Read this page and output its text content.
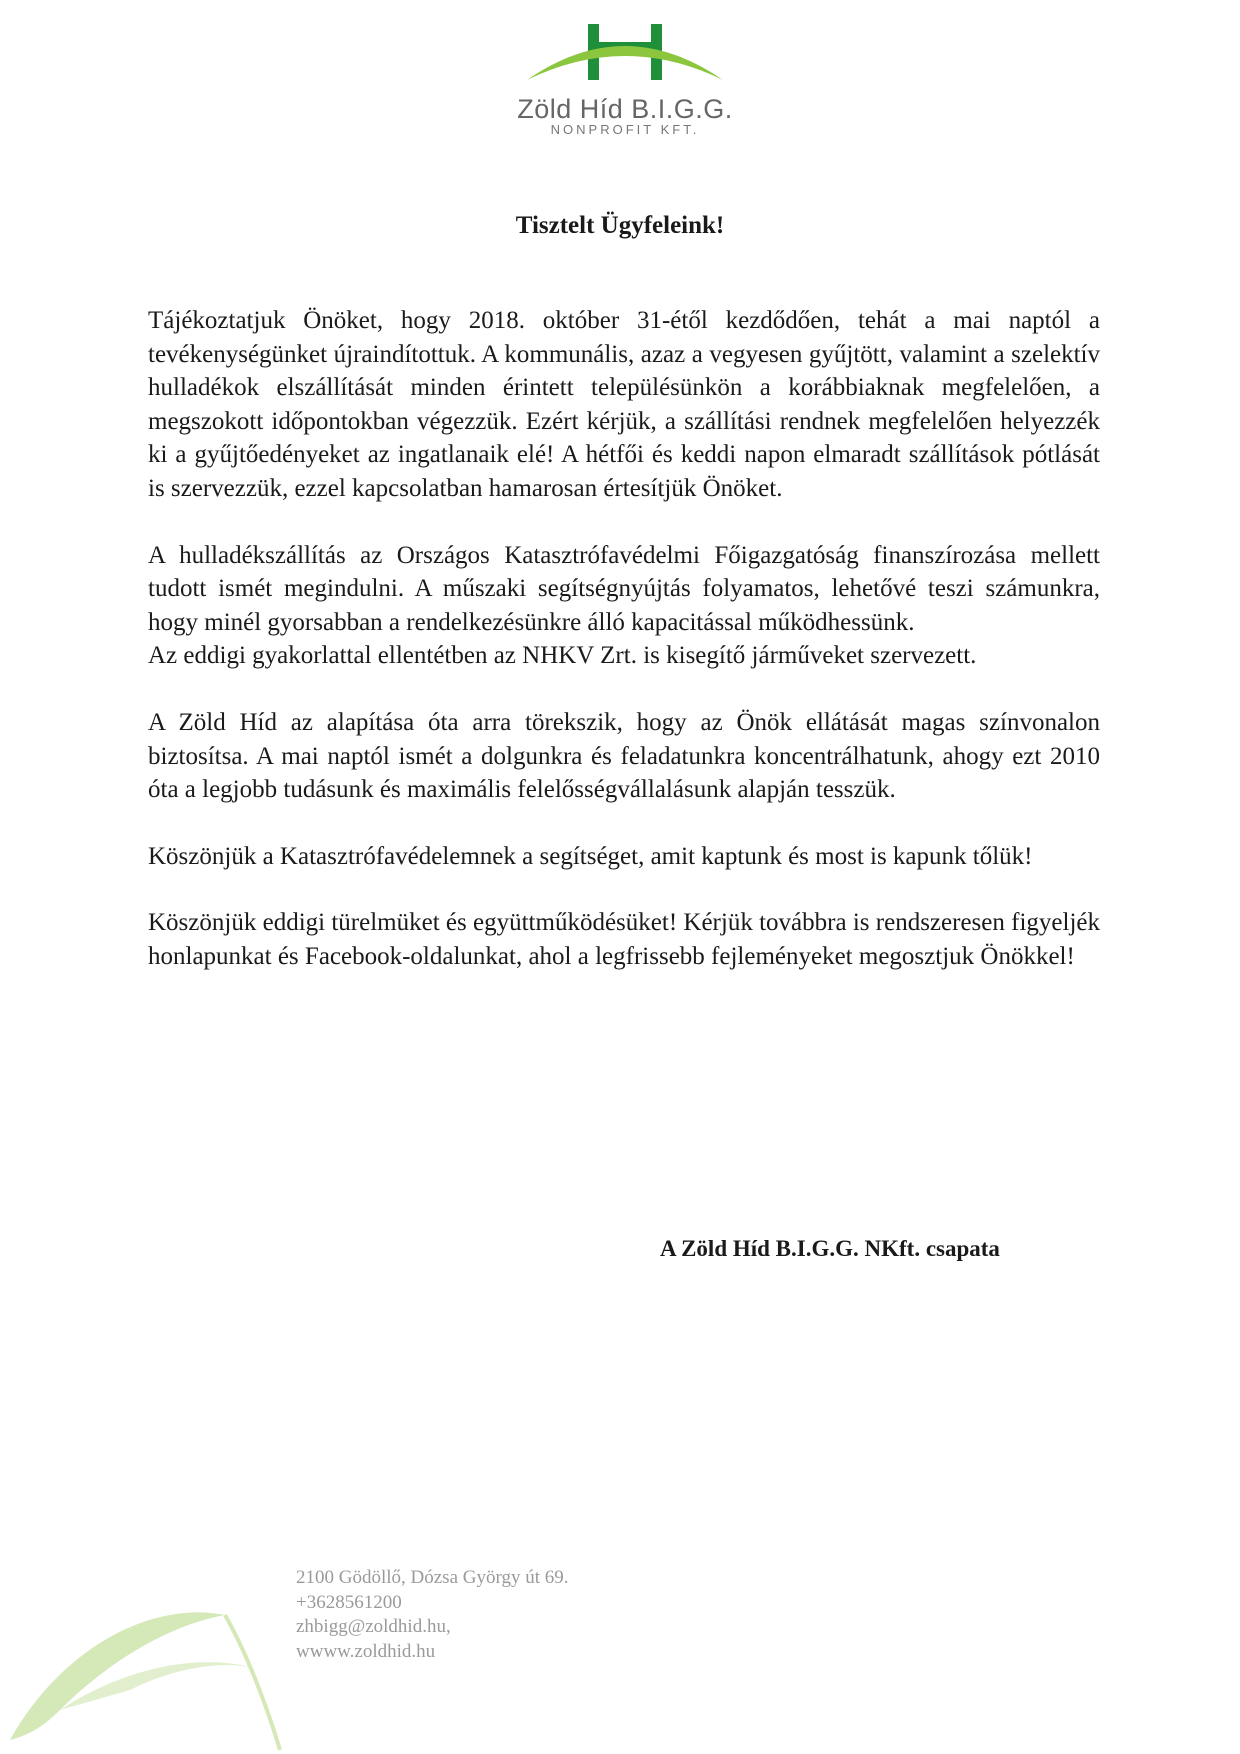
Zöld Híd B.I.G.G.
NONPROFIT KFT.
Tisztelt Ügyfeleink!

Tájékoztatjuk Önöket, hogy 2018. október 31-étől kezdődően, tehát a mai naptól a tevékenységünket újraindítottuk. A kommunális, azaz a vegyesen gyűjtött, valamint a szelektív hulladékok elszállítását minden érintett településünkön a korábbiaknak megfelelően, a megszokott időpontokban végezzük. Ezért kérjük, a szállítási rendnek megfelelően helyezzék ki a gyűjtőedényeket az ingatlanaik elé! A hétfői és keddi napon elmaradt szállítások pótlását is szervezzük, ezzel kapcsolatban hamarosan értesítjük Önöket.

A hulladékszállítás az Országos Katasztrófavédelmi Főigazgatóság finanszírozása mellett tudott ismét megindulni. A műszaki segítségnyújtás folyamatos, lehetővé teszi számunkra, hogy minél gyorsabban a rendelkezésünkre álló kapacitással működhessünk.

Az eddigi gyakorlattal ellentétben az NHKV Zrt. is kisegítő járműveket szervezett.

A Zöld Híd az alapítása óta arra törekszik, hogy az Önök ellátását magas színvonalon biztosítsa. A mai naptól ismét a dolgunkra és feladatunkra koncentrálhatunk, ahogy ezt 2010 óta a legjobb tudásunk és maximális felelősségvállalásunk alapján tesszük.

Köszönjük a Katasztrófavédelemnek a segítséget, amit kaptunk és most is kapunk tőlük!

Köszönjük eddigi türelmüket és együttműködésüket! Kérjük továbbra is rendszeresen figyeljék honlapunkat és Facebook-oldalunkat, ahol a legfrissebb fejleményeket megosztjuk Önökkel!

A Zöld Híd B.I.G.G. NKft. csapata
2100 Gödöllő, Dózsa György út 69.
+3628561200
zhbigg@zoldhid.hu,
wwww.zoldhid.hu
